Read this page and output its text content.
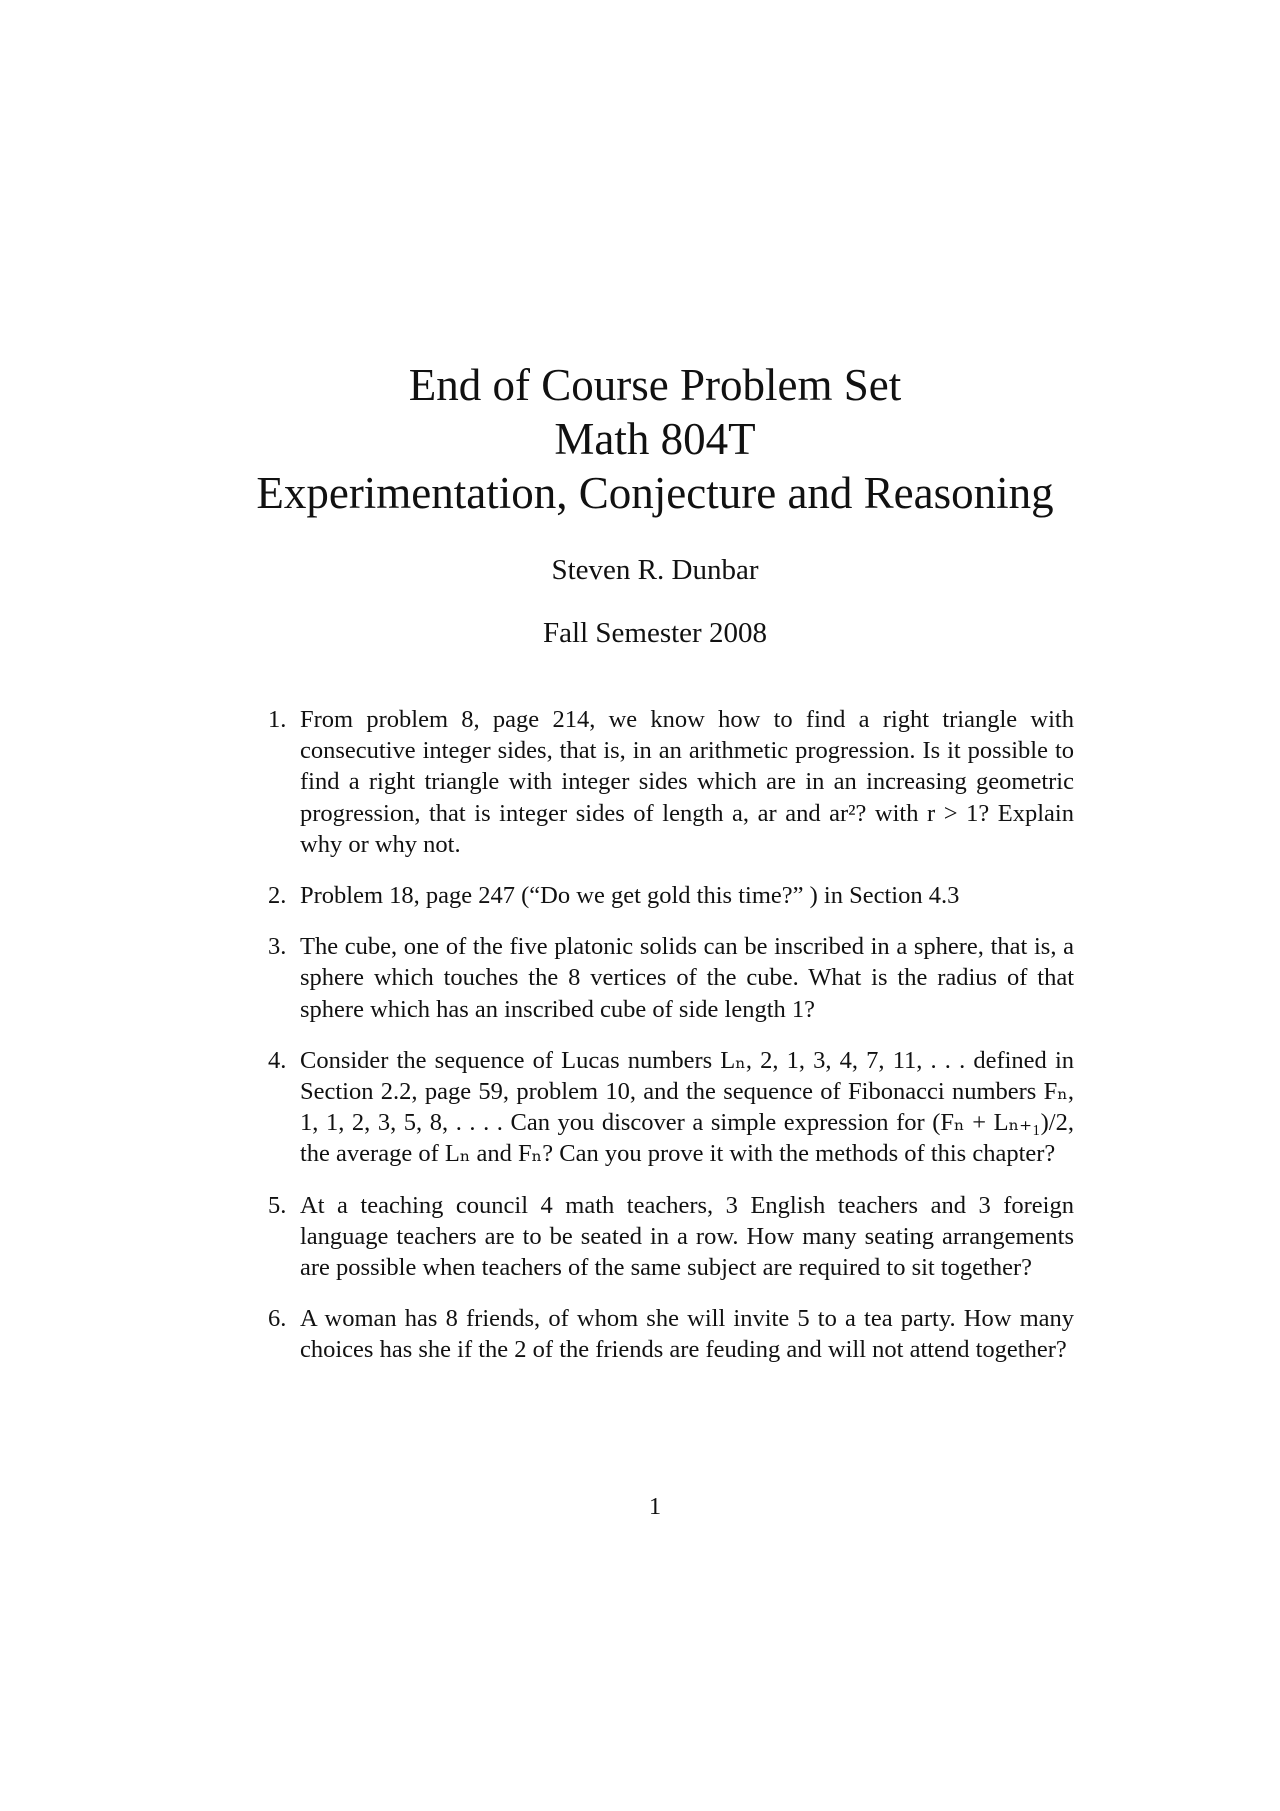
End of Course Problem Set
Math 804T
Experimentation, Conjecture and Reasoning
Steven R. Dunbar
Fall Semester 2008
1. From problem 8, page 214, we know how to find a right triangle with consecutive integer sides, that is, in an arithmetic progression. Is it possible to find a right triangle with integer sides which are in an increasing geometric progression, that is integer sides of length a, ar and ar²? with r > 1? Explain why or why not.
2. Problem 18, page 247 (“Do we get gold this time?” ) in Section 4.3
3. The cube, one of the five platonic solids can be inscribed in a sphere, that is, a sphere which touches the 8 vertices of the cube. What is the radius of that sphere which has an inscribed cube of side length 1?
4. Consider the sequence of Lucas numbers Lₙ, 2, 1, 3, 4, 7, 11, . . . defined in Section 2.2, page 59, problem 10, and the sequence of Fibonacci numbers Fₙ, 1, 1, 2, 3, 5, 8, . . . . Can you discover a simple expression for (Fₙ + Lₙ₊₁)/2, the average of Lₙ and Fₙ? Can you prove it with the methods of this chapter?
5. At a teaching council 4 math teachers, 3 English teachers and 3 foreign language teachers are to be seated in a row. How many seating arrangements are possible when teachers of the same subject are required to sit together?
6. A woman has 8 friends, of whom she will invite 5 to a tea party. How many choices has she if the 2 of the friends are feuding and will not attend together?
1
